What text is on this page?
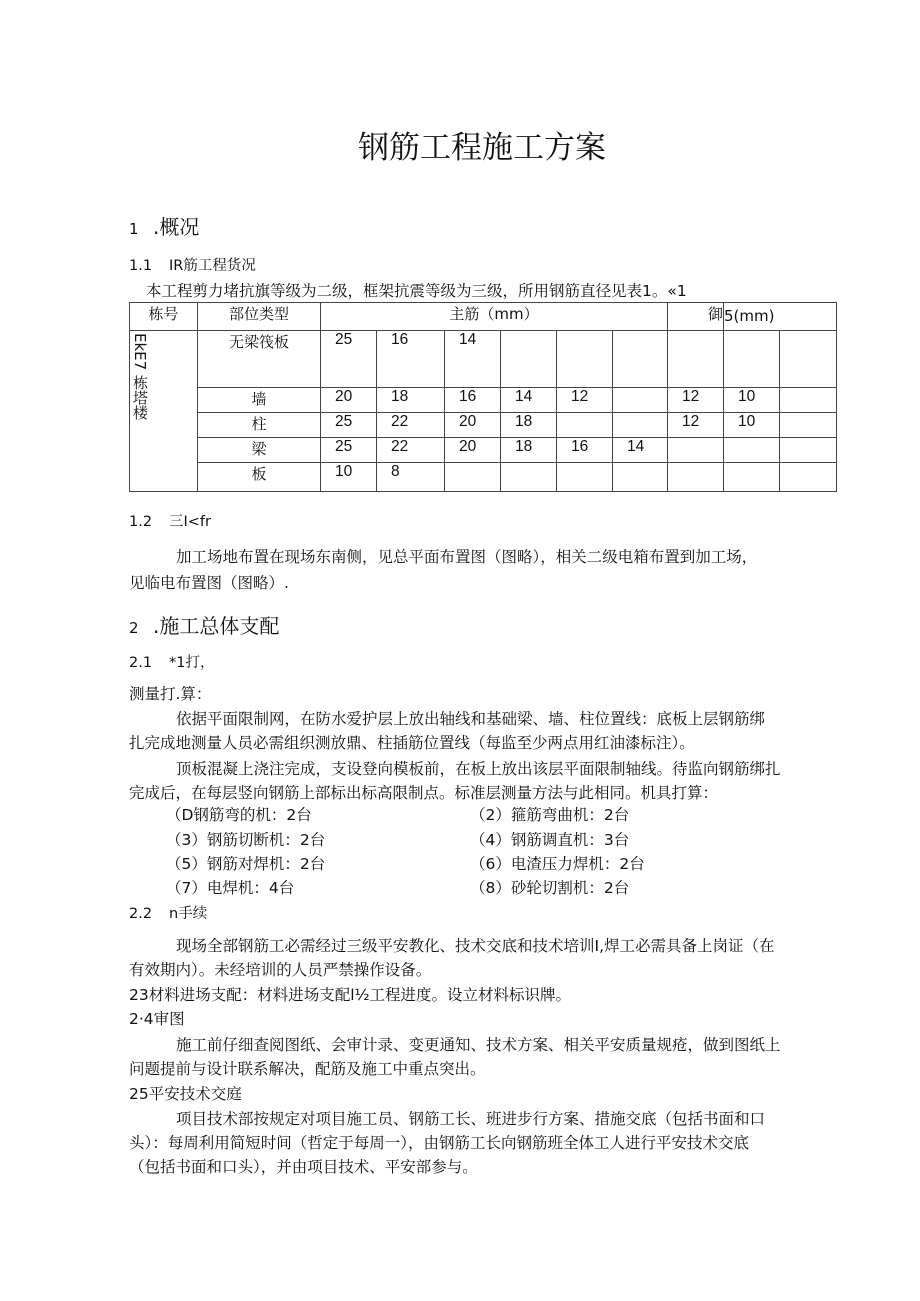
钢筋工程施工方案
1 .概况
1.1 IR筋工程货况
本工程剪力堵抗旗等级为二级，框架抗震等级为三级，所用钢筋直径见表1。«1
栋号	部位类型	主筋（mm）						御	5(mm)	

EkE7 栋塔楼	无梁筏板	25	16	14						
	墙	20	18	16	14	12		12	10	
	柱	25	22	20	18			12	10	
	梁	25	22	20	18	16	14			
	板	10	8							
1.2 三I<fr
加工场地布置在现场东南侧，见总平面布置图（图略），相关二级电箱布置到加工场，
见临电布置图（图略）.
2 .施工总体支配
2.1 *1打，
测量打.算：
依据平面限制网，在防水爱护层上放出轴线和基础梁、墙、柱位置线：底板上层钢筋绑
扎完成地测量人员必需组织测放鼎、柱插筋位置线（每监至少两点用红油漆标注）。
顶板混凝上浇注完成，支设登向模板前，在板上放出该层平面限制轴线。待监向钢筋绑扎
完成后，在每层竖向钢筋上部标出标高限制点。标准层测量方法与此相同。机具打算：
（D钢筋弯的机：2台	（2）箍筋弯曲机：2台
（3）钢筋切断机：2台	（4）钢筋调直机：3台
（5）钢筋对焊机：2台	（6）电渣压力焊机：2台
（7）电焊机：4台	（8）砂轮切割机：2台
2.2 n手续
现场全部钢筋工必需经过三级平安教化、技术交底和技术培训I,焊工必需具备上岗证（在
有效期内）。未经培训的人员严禁操作设备。
23材料进场支配：材料进场支配l½工程进度。设立材料标识牌。
2·4审图
施工前仔细查阅图纸、会审计录、变更通知、技术方案、相关平安质量规疮，做到图纸上
问题提前与设计联系解决，配筋及施工中重点突出。
25平安技术交庭
项目技术部按规定对项目施工员、钢筋工长、班进步行方案、措施交底（包括书面和口
头）：每周利用简短时间（哲定于每周一），由钢筋工长向钢筋班全体工人进行平安技术交底
（包括书面和口头），并由项目技术、平安部参与。
